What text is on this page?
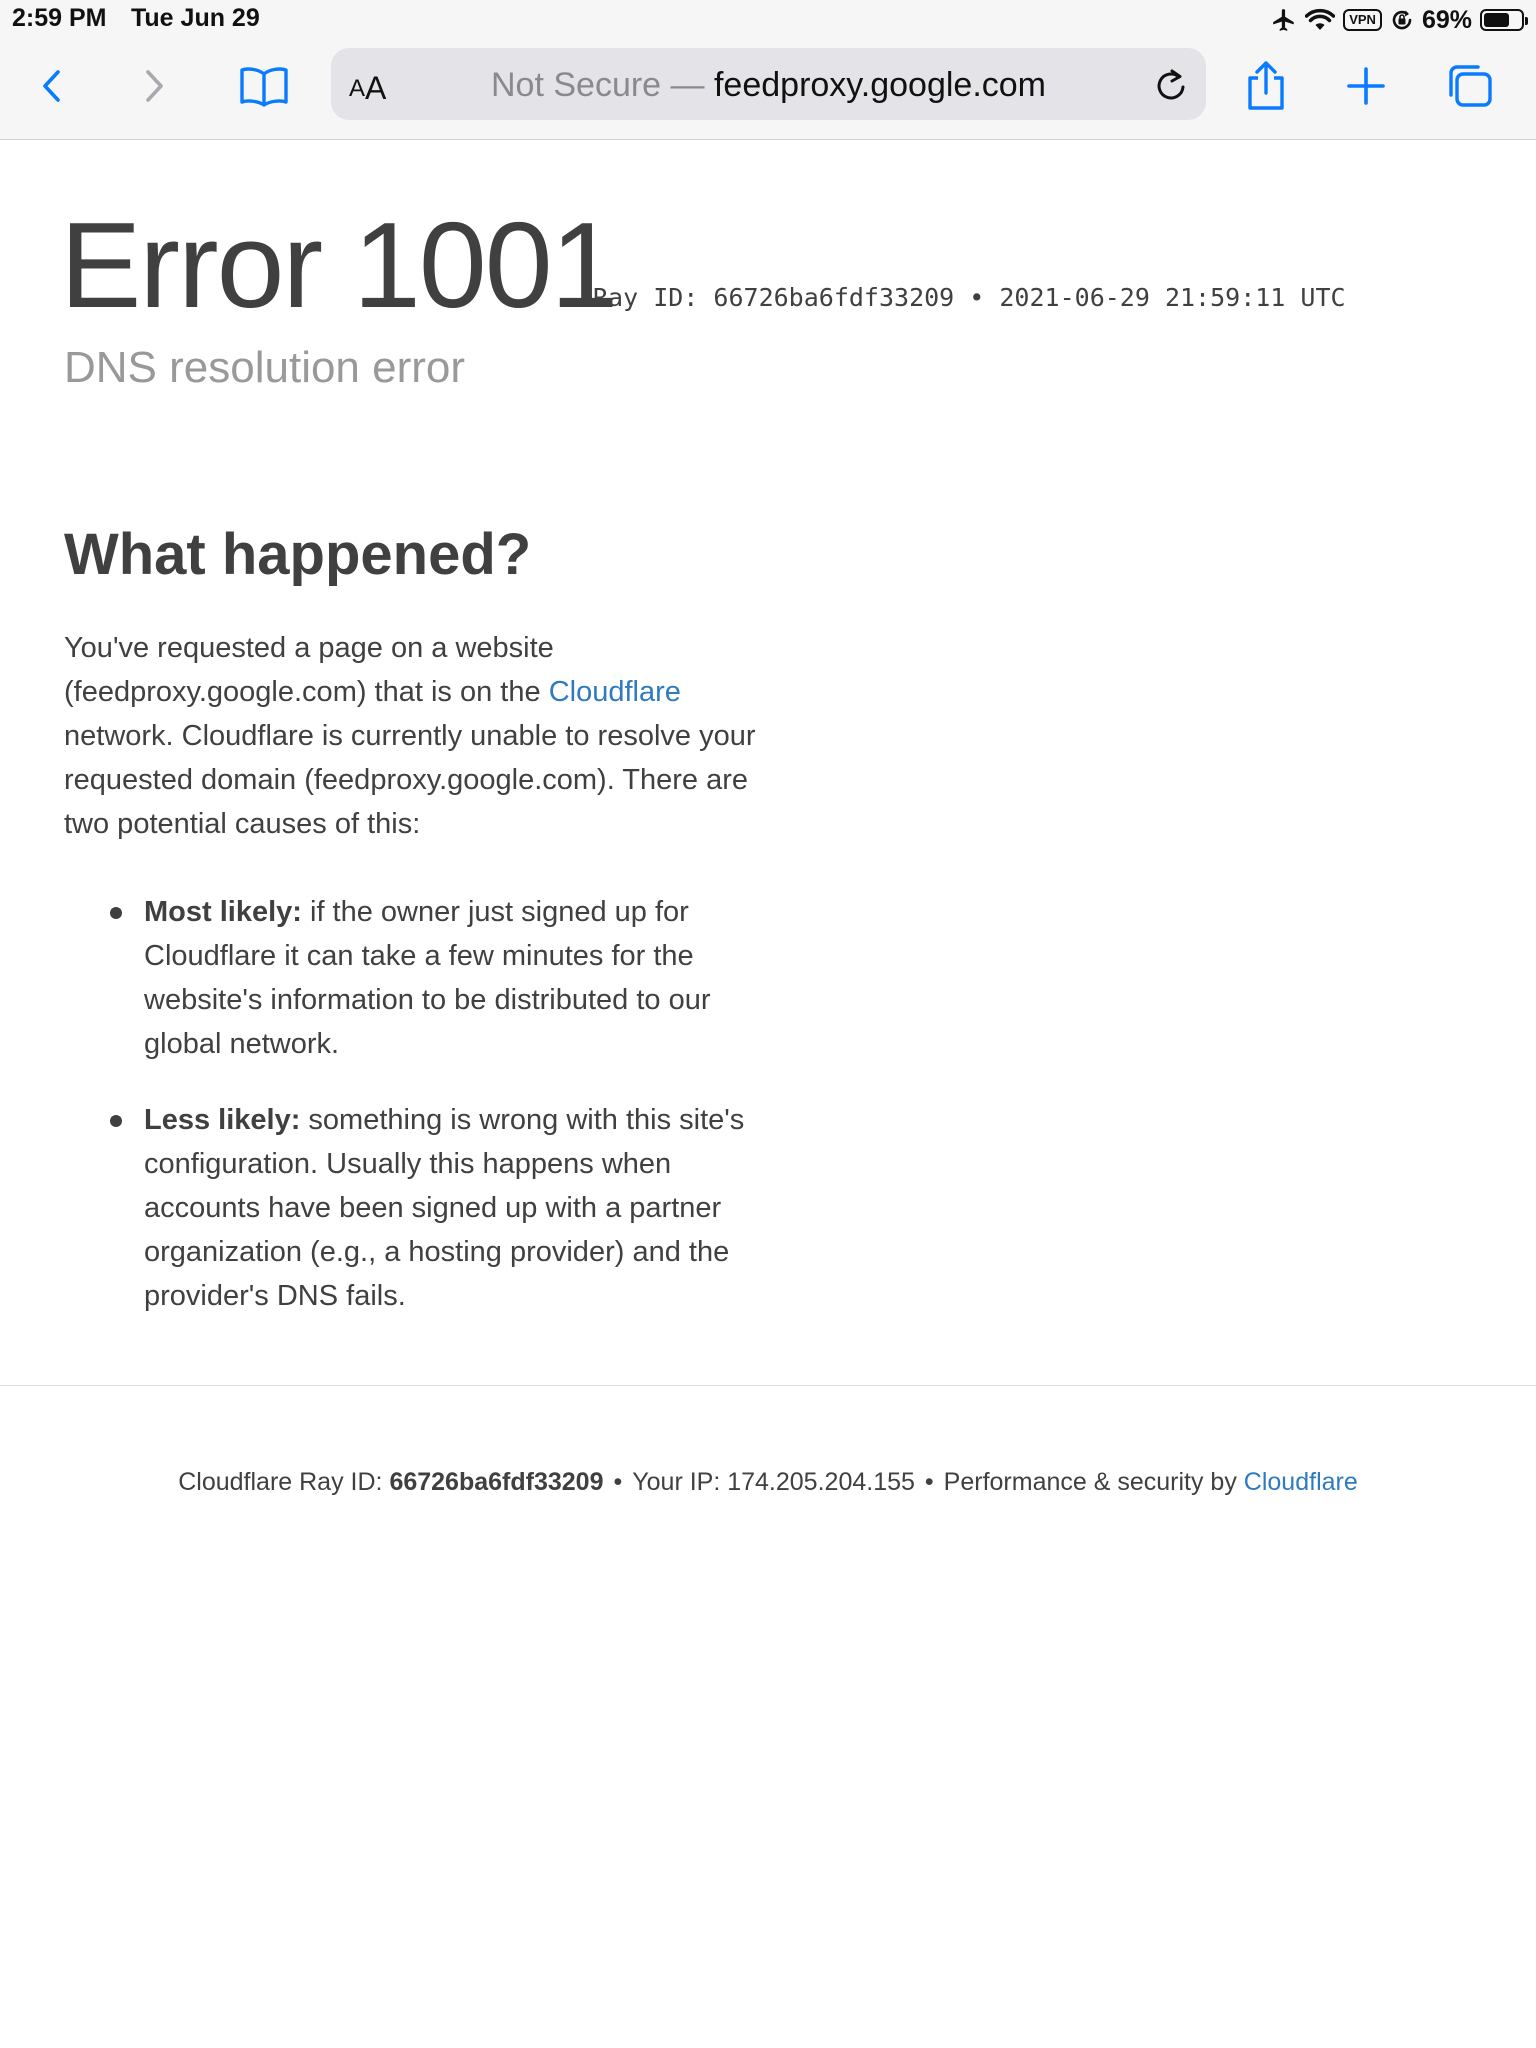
2:59 PM Tue Jun 29	VPN 69%
A A	Not Secure — feedproxy.google.com
Error 1001
Ray ID: 66726ba6fdf33209 • 2021-06-29 21:59:11 UTC
DNS resolution error
What happened?

You've requested a page on a website (feedproxy.google.com) that is on the Cloudflare network. Cloudflare is currently unable to resolve your requested domain (feedproxy.google.com). There are two potential causes of this:

Most likely: if the owner just signed up for Cloudflare it can take a few minutes for the website's information to be distributed to our global network.
Less likely: something is wrong with this site's configuration. Usually this happens when accounts have been signed up with a partner organization (e.g., a hosting provider) and the provider's DNS fails.
Cloudflare Ray ID: 66726ba6fdf33209 • Your IP: 174.205.204.155 • Performance & security by Cloudflare
